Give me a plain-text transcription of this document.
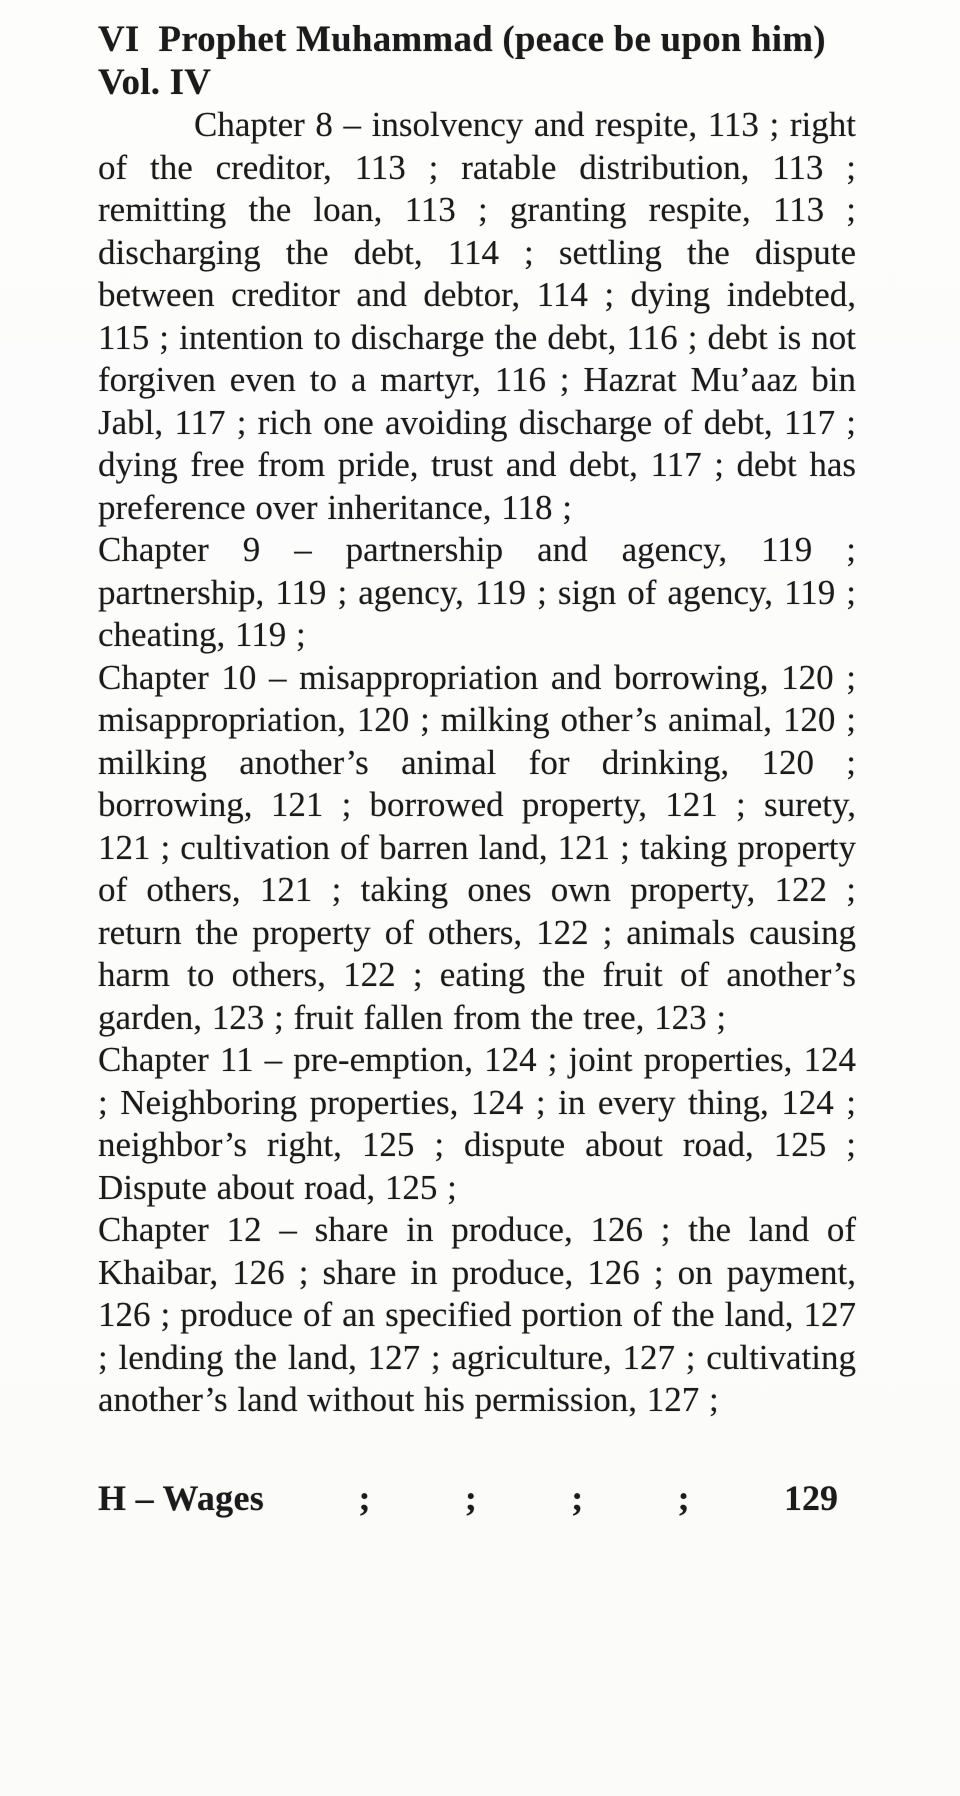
VI  Prophet Muhammad (peace be upon him) Vol. IV

Chapter 8 – insolvency and respite, 113 ; right of the creditor, 113 ; ratable distribution, 113 ; remitting the loan, 113 ; granting respite, 113 ; discharging the debt, 114 ; settling the dispute between creditor and debtor, 114 ; dying indebted, 115 ; intention to discharge the debt, 116 ; debt is not forgiven even to a martyr, 116 ; Hazrat Mu’aaz bin Jabl, 117 ; rich one avoiding discharge of debt, 117 ; dying free from pride, trust and debt, 117 ; debt has preference over inheritance, 118 ;

Chapter 9 – partnership and agency, 119 ; partnership, 119 ; agency, 119 ; sign of agency, 119 ; cheating, 119 ;

Chapter 10 – misappropriation and borrowing, 120 ; misappropriation, 120 ; milking other’s animal, 120 ; milking another’s animal for drinking, 120 ; borrowing, 121 ; borrowed property, 121 ; surety, 121 ; cultivation of barren land, 121 ; taking property of others, 121 ; taking ones own property, 122 ; return the property of others, 122 ; animals causing harm to others, 122 ; eating the fruit of another’s garden, 123 ; fruit fallen from the tree, 123 ;

Chapter 11 – pre-emption, 124 ; joint properties, 124 ; Neighboring properties, 124 ; in every thing, 124 ; neighbor’s right, 125 ; dispute about road, 125 ; Dispute about road, 125 ;

Chapter 12 – share in produce, 126 ; the land of Khaibar, 126 ; share in produce, 126 ; on payment, 126 ; produce of an specified portion of the land, 127 ; lending the land, 127 ; agriculture, 127 ; cultivating another’s land without his permission, 127 ;

H – Wages	;	;	;	;	129
